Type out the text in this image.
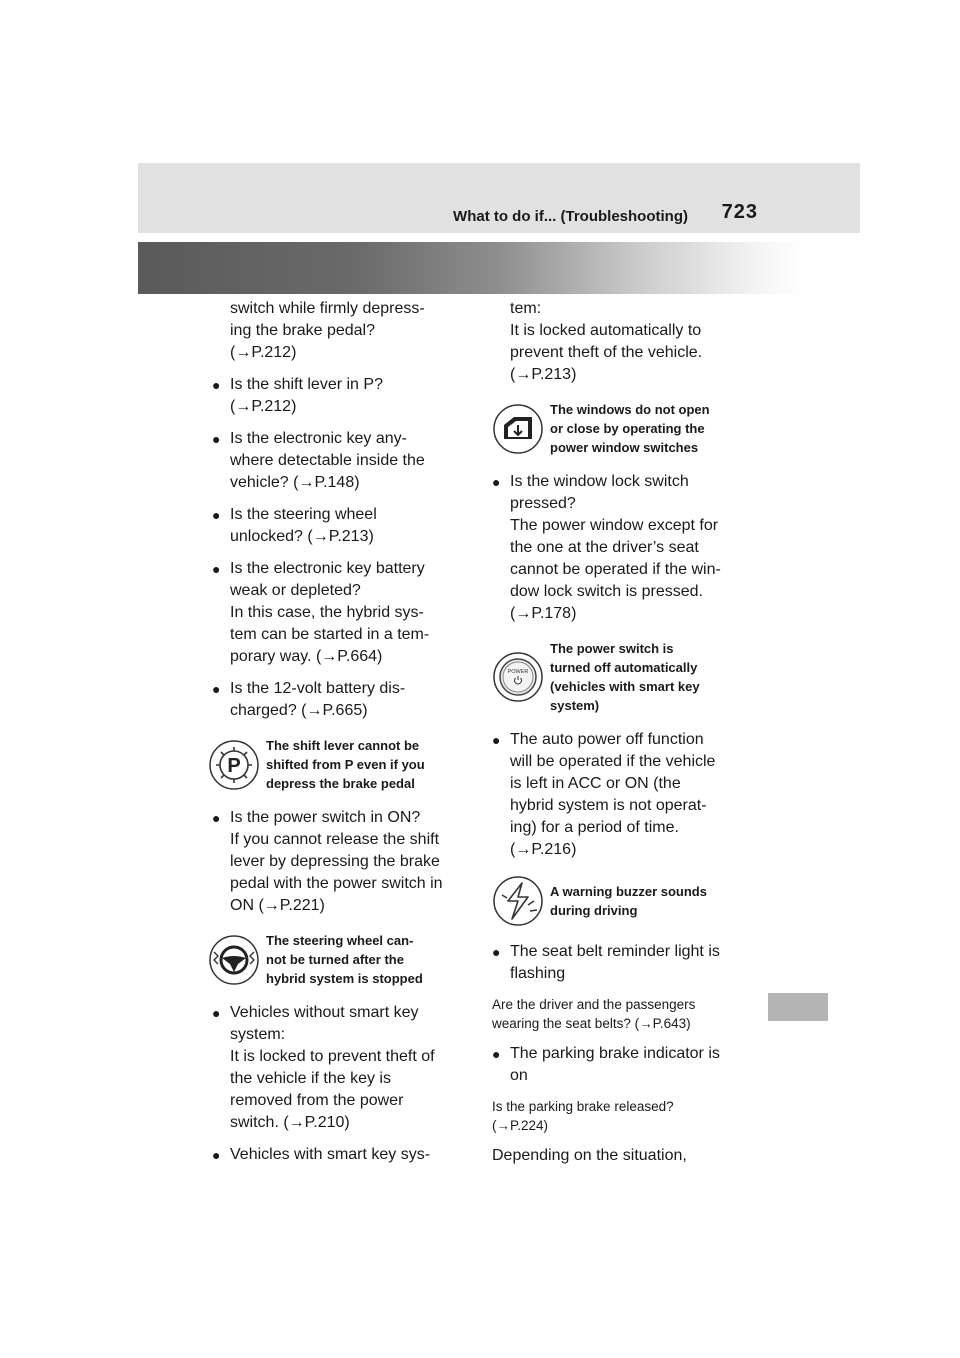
What to do if... (Troubleshooting) 723
switch while firmly depress-
ing the brake pedal?
(→P.212)
● Is the shift lever in P?
(→P.212)
● Is the electronic key any-
where detectable inside the
vehicle? (→P.148)
● Is the steering wheel
unlocked? (→P.213)
● Is the electronic key battery
weak or depleted?
In this case, the hybrid sys-
tem can be started in a tem-
porary way. (→P.664)
● Is the 12-volt battery dis-
charged? (→P.665)
P
The shift lever cannot be
shifted from P even if you
depress the brake pedal
● Is the power switch in ON?
If you cannot release the shift
lever by depressing the brake
pedal with the power switch in
ON (→P.221)
The steering wheel can-
not be turned after the
hybrid system is stopped
● Vehicles without smart key
system:
It is locked to prevent theft of
the vehicle if the key is
removed from the power
switch. (→P.210)
● Vehicles with smart key sys-
tem:
It is locked automatically to
prevent theft of the vehicle.
(→P.213)
The windows do not open
or close by operating the
power window switches
● Is the window lock switch
pressed?
The power window except for
the one at the driver’s seat
cannot be operated if the win-
dow lock switch is pressed.
(→P.178)
POWER
The power switch is
turned off automatically
(vehicles with smart key
system)
● The auto power off function
will be operated if the vehicle
is left in ACC or ON (the
hybrid system is not operat-
ing) for a period of time.
(→P.216)
A warning buzzer sounds
during driving
● The seat belt reminder light is
flashing
Are the driver and the passengers
wearing the seat belts? (→P.643)
● The parking brake indicator is
on
Is the parking brake released?
(→P.224)
Depending on the situation,
